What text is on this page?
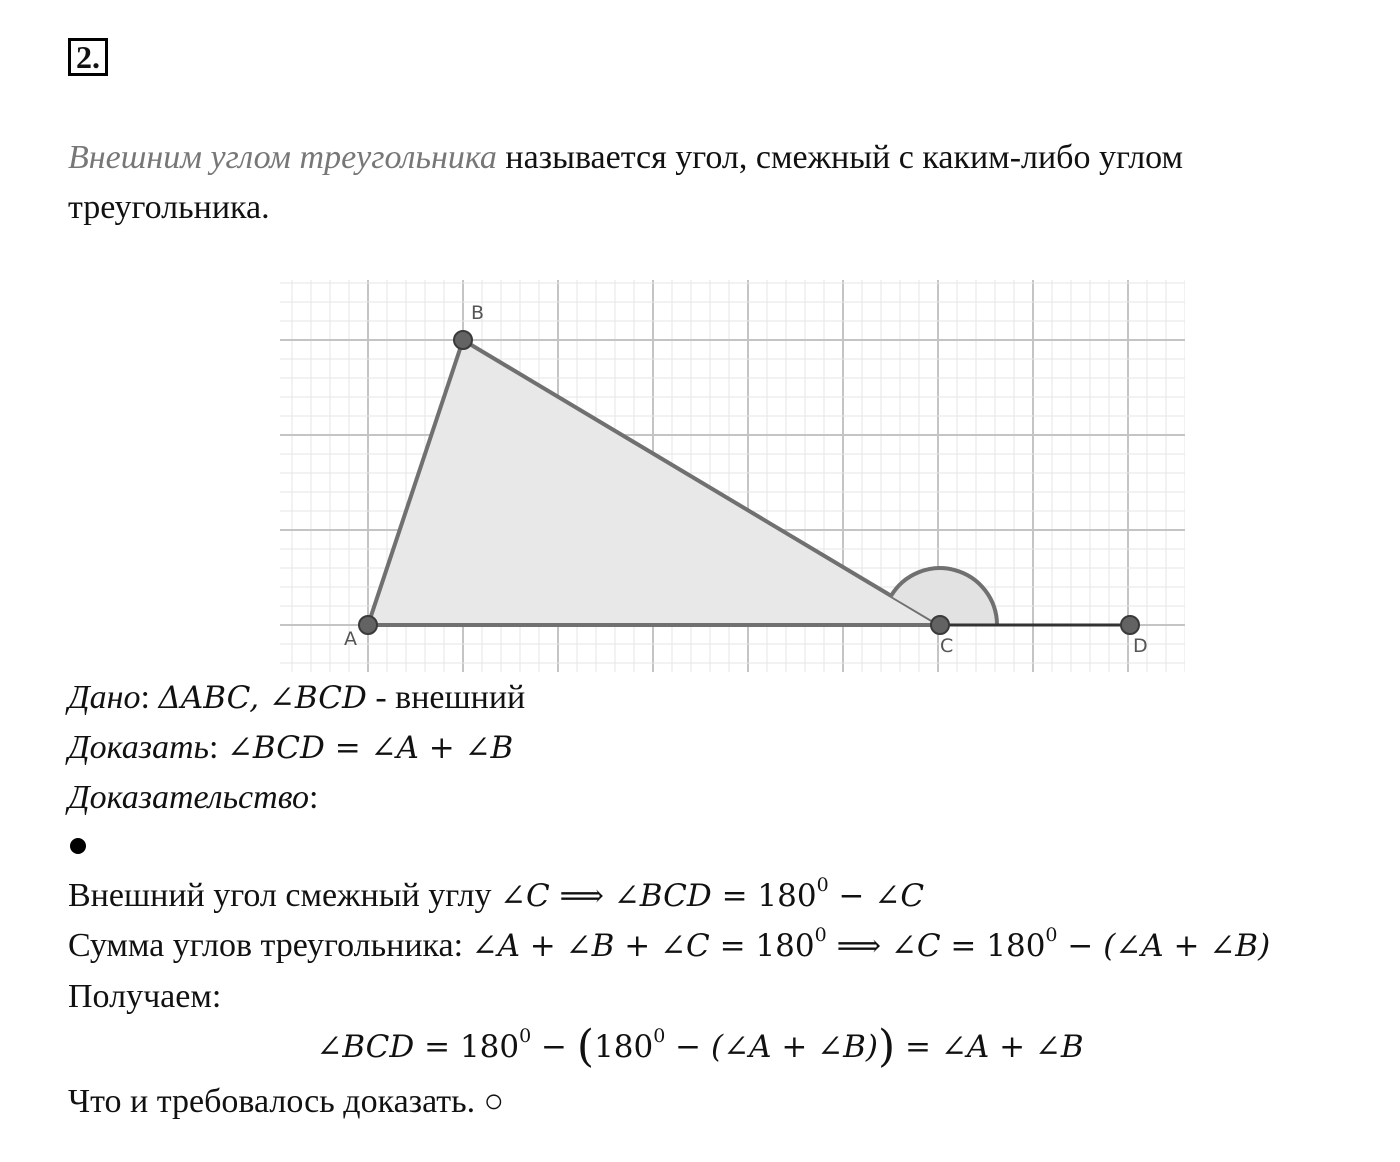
2.
Внешним углом треугольника называется угол, смежный с каким-либо углом
треугольника.
A
B
C	D
Дано: ΔABC, ∠BCD - внешний
Доказать: ∠BCD = ∠A + ∠B
Доказательство:
Внешний угол смежный углу ∠C ⟹ ∠BCD = $180^0$ − ∠C
Сумма углов треугольника: ∠A + ∠B + ∠C = $180^0$ ⟹ ∠C = $180^0$ − (∠A + ∠B)
Получаем:
∠BCD = $180^0 - (180^0$ − (∠A + ∠B)) = ∠A + ∠B
Что и требовалось доказать. ○
